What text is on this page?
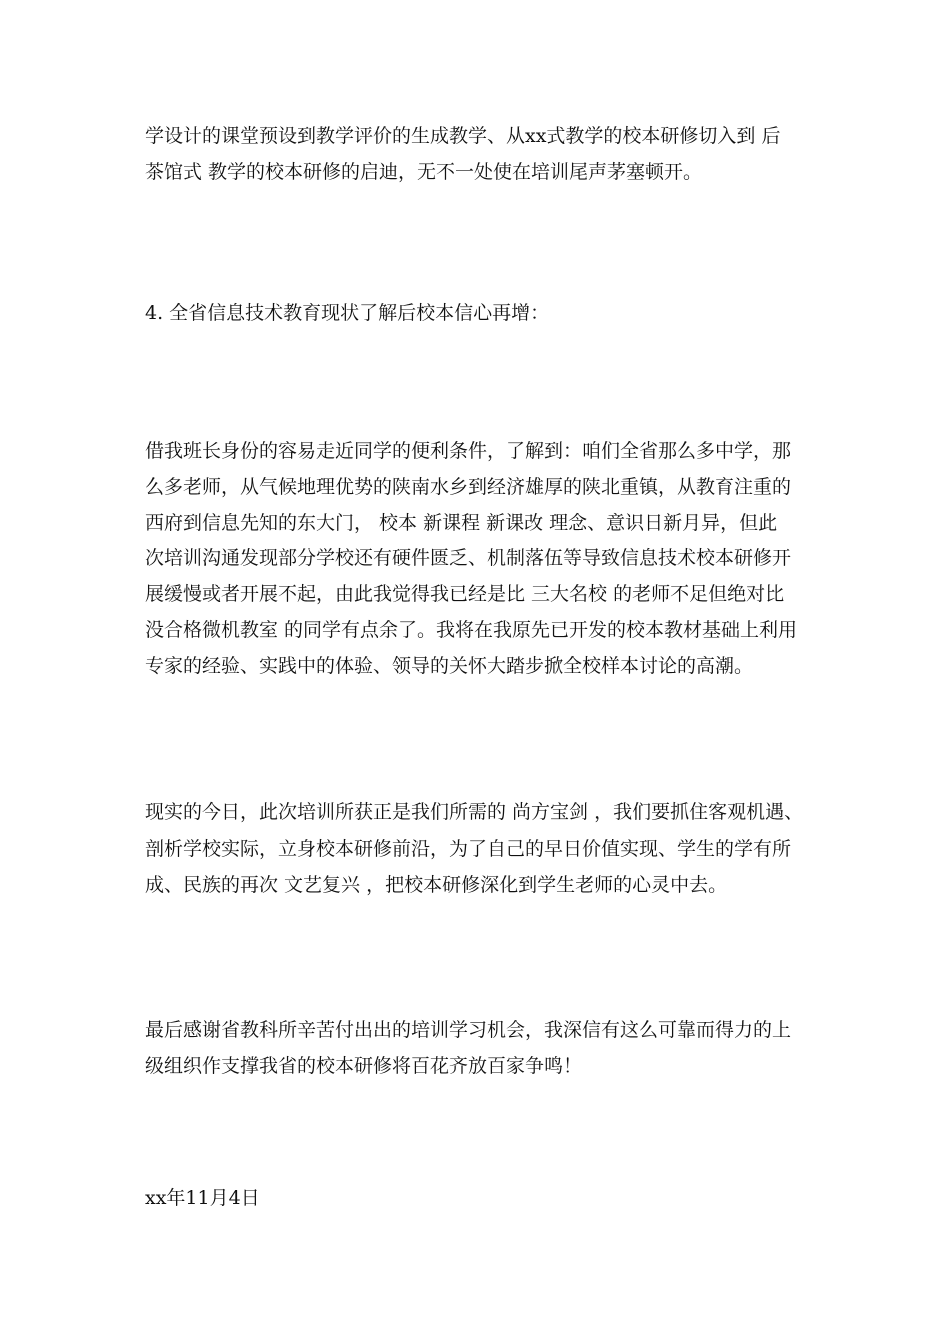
学设计的课堂预设到教学评价的生成教学、从xx式教学的校本研修切入到 后
茶馆式 教学的校本研修的启迪，无不一处使在培训尾声茅塞顿开。
4. 全省信息技术教育现状了解后校本信心再增：
借我班长身份的容易走近同学的便利条件，了解到：咱们全省那么多中学，那
么多老师，从气候地理优势的陕南水乡到经济雄厚的陕北重镇，从教育注重的
西府到信息先知的东大门， 校本 新课程 新课改 理念、意识日新月异，但此
次培训沟通发现部分学校还有硬件匮乏、机制落伍等导致信息技术校本研修开
展缓慢或者开展不起，由此我觉得我已经是比 三大名校 的老师不足但绝对比
没合格微机教室 的同学有点余了。我将在我原先已开发的校本教材基础上利用
专家的经验、实践中的体验、领导的关怀大踏步掀全校样本讨论的高潮。
现实的今日，此次培训所获正是我们所需的 尚方宝剑 ，我们要抓住客观机遇、
剖析学校实际，立身校本研修前沿，为了自己的早日价值实现、学生的学有所
成、民族的再次 文艺复兴 ，把校本研修深化到学生老师的心灵中去。
最后感谢省教科所辛苦付出出的培训学习机会，我深信有这么可靠而得力的上
级组织作支撑我省的校本研修将百花齐放百家争鸣！
xx年11月4日
